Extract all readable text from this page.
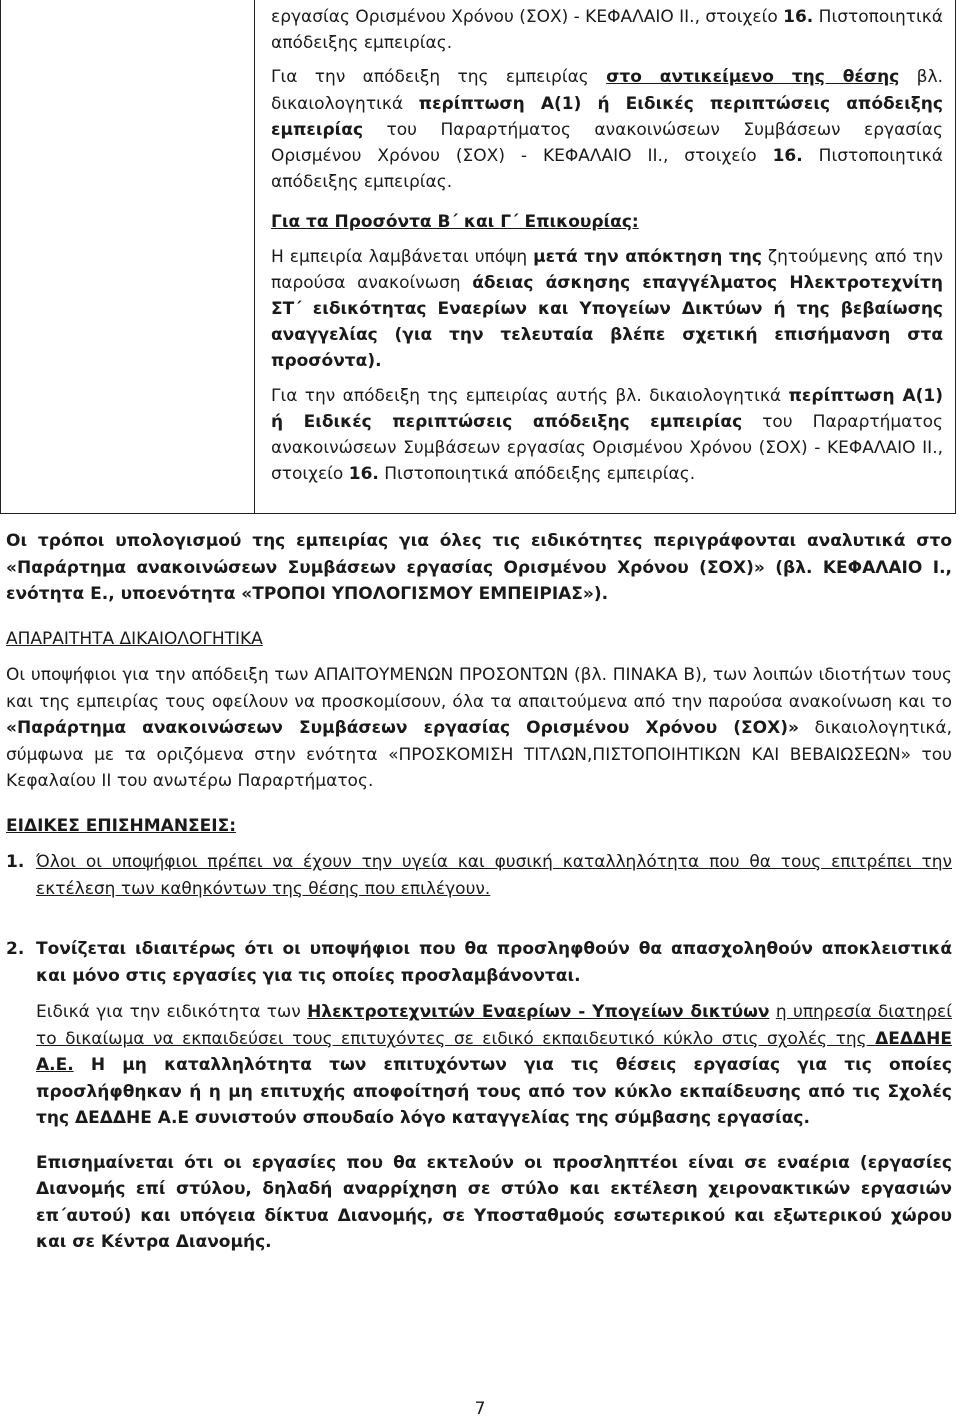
εργασίας Ορισμένου Χρόνου (ΣΟΧ) - ΚΕΦΑΛΑΙΟ ΙΙ., στοιχείο 16. Πιστοποιητικά απόδειξης εμπειρίας.

Για την απόδειξη της εμπειρίας στο αντικείμενο της θέσης βλ. δικαιολογητικά περίπτωση Α(1) ή Ειδικές περιπτώσεις απόδειξης εμπειρίας του Παραρτήματος ανακοινώσεων Συμβάσεων εργασίας Ορισμένου Χρόνου (ΣΟΧ) - ΚΕΦΑΛΑΙΟ ΙΙ., στοιχείο 16. Πιστοποιητικά απόδειξης εμπειρίας.

Για τα Προσόντα Β΄ και Γ΄ Επικουρίας:

Η εμπειρία λαμβάνεται υπόψη μετά την απόκτηση της ζητούμενης από την παρούσα ανακοίνωση άδειας άσκησης επαγγέλματος Ηλεκτροτεχνίτη ΣΤ΄ ειδικότητας Εναερίων και Υπογείων Δικτύων ή της βεβαίωσης αναγγελίας (για την τελευταία βλέπε σχετική επισήμανση στα προσόντα).

Για την απόδειξη της εμπειρίας αυτής βλ. δικαιολογητικά περίπτωση Α(1) ή Ειδικές περιπτώσεις απόδειξης εμπειρίας του Παραρτήματος ανακοινώσεων Συμβάσεων εργασίας Ορισμένου Χρόνου (ΣΟΧ) - ΚΕΦΑΛΑΙΟ ΙΙ., στοιχείο 16. Πιστοποιητικά απόδειξης εμπειρίας.

Οι τρόποι υπολογισμού της εμπειρίας για όλες τις ειδικότητες περιγράφονται αναλυτικά στο «Παράρτημα ανακοινώσεων Συμβάσεων εργασίας Ορισμένου Χρόνου (ΣΟΧ)» (βλ. ΚΕΦΑΛΑΙΟ Ι., ενότητα Ε., υποενότητα «ΤΡΟΠΟΙ ΥΠΟΛΟΓΙΣΜΟΥ ΕΜΠΕΙΡΙΑΣ»).

ΑΠΑΡΑΙΤΗΤΑ ΔΙΚΑΙΟΛΟΓΗΤΙΚΑ

Οι υποψήφιοι για την απόδειξη των ΑΠΑΙΤΟΥΜΕΝΩΝ ΠΡΟΣΟΝΤΩΝ (βλ. ΠΙΝΑΚΑ Β), των λοιπών ιδιοτήτων τους και της εμπειρίας τους οφείλουν να προσκομίσουν, όλα τα απαιτούμενα από την παρούσα ανακοίνωση και το «Παράρτημα ανακοινώσεων Συμβάσεων εργασίας Ορισμένου Χρόνου (ΣΟΧ)» δικαιολογητικά, σύμφωνα με τα οριζόμενα στην ενότητα «ΠΡΟΣΚΟΜΙΣΗ ΤΙΤΛΩΝ,ΠΙΣΤΟΠΟΙΗΤΙΚΩΝ ΚΑΙ ΒΕΒΑΙΩΣΕΩΝ» του Κεφαλαίου ΙΙ του ανωτέρω Παραρτήματος.

ΕΙΔΙΚΕΣ ΕΠΙΣΗΜΑΝΣΕΙΣ:

1. Όλοι οι υποψήφιοι πρέπει να έχουν την υγεία και φυσική καταλληλότητα που θα τους επιτρέπει την εκτέλεση των καθηκόντων της θέσης που επιλέγουν.
2. Τονίζεται ιδιαιτέρως ότι οι υποψήφιοι που θα προσληφθούν θα απασχοληθούν αποκλειστικά και μόνο στις εργασίες για τις οποίες προσλαμβάνονται.

Ειδικά για την ειδικότητα των Ηλεκτροτεχνιτών Εναερίων - Υπογείων δικτύων η υπηρεσία διατηρεί το δικαίωμα να εκπαιδεύσει τους επιτυχόντες σε ειδικό εκπαιδευτικό κύκλο στις σχολές της ΔΕΔΔΗΕ Α.Ε. Η μη καταλληλότητα των επιτυχόντων για τις θέσεις εργασίας για τις οποίες προσλήφθηκαν ή η μη επιτυχής αποφοίτησή τους από τον κύκλο εκπαίδευσης από τις Σχολές της ΔΕΔΔΗΕ Α.Ε συνιστούν σπουδαίο λόγο καταγγελίας της σύμβασης εργασίας.

Επισημαίνεται ότι οι εργασίες που θα εκτελούν οι προσληπτέοι είναι σε εναέρια (εργασίες Διανομής επί στύλου, δηλαδή αναρρίχηση σε στύλο και εκτέλεση χειρονακτικών εργασιών επ΄αυτού) και υπόγεια δίκτυα Διανομής, σε Υποσταθμούς εσωτερικού και εξωτερικού χώρου και σε Κέντρα Διανομής.

7
